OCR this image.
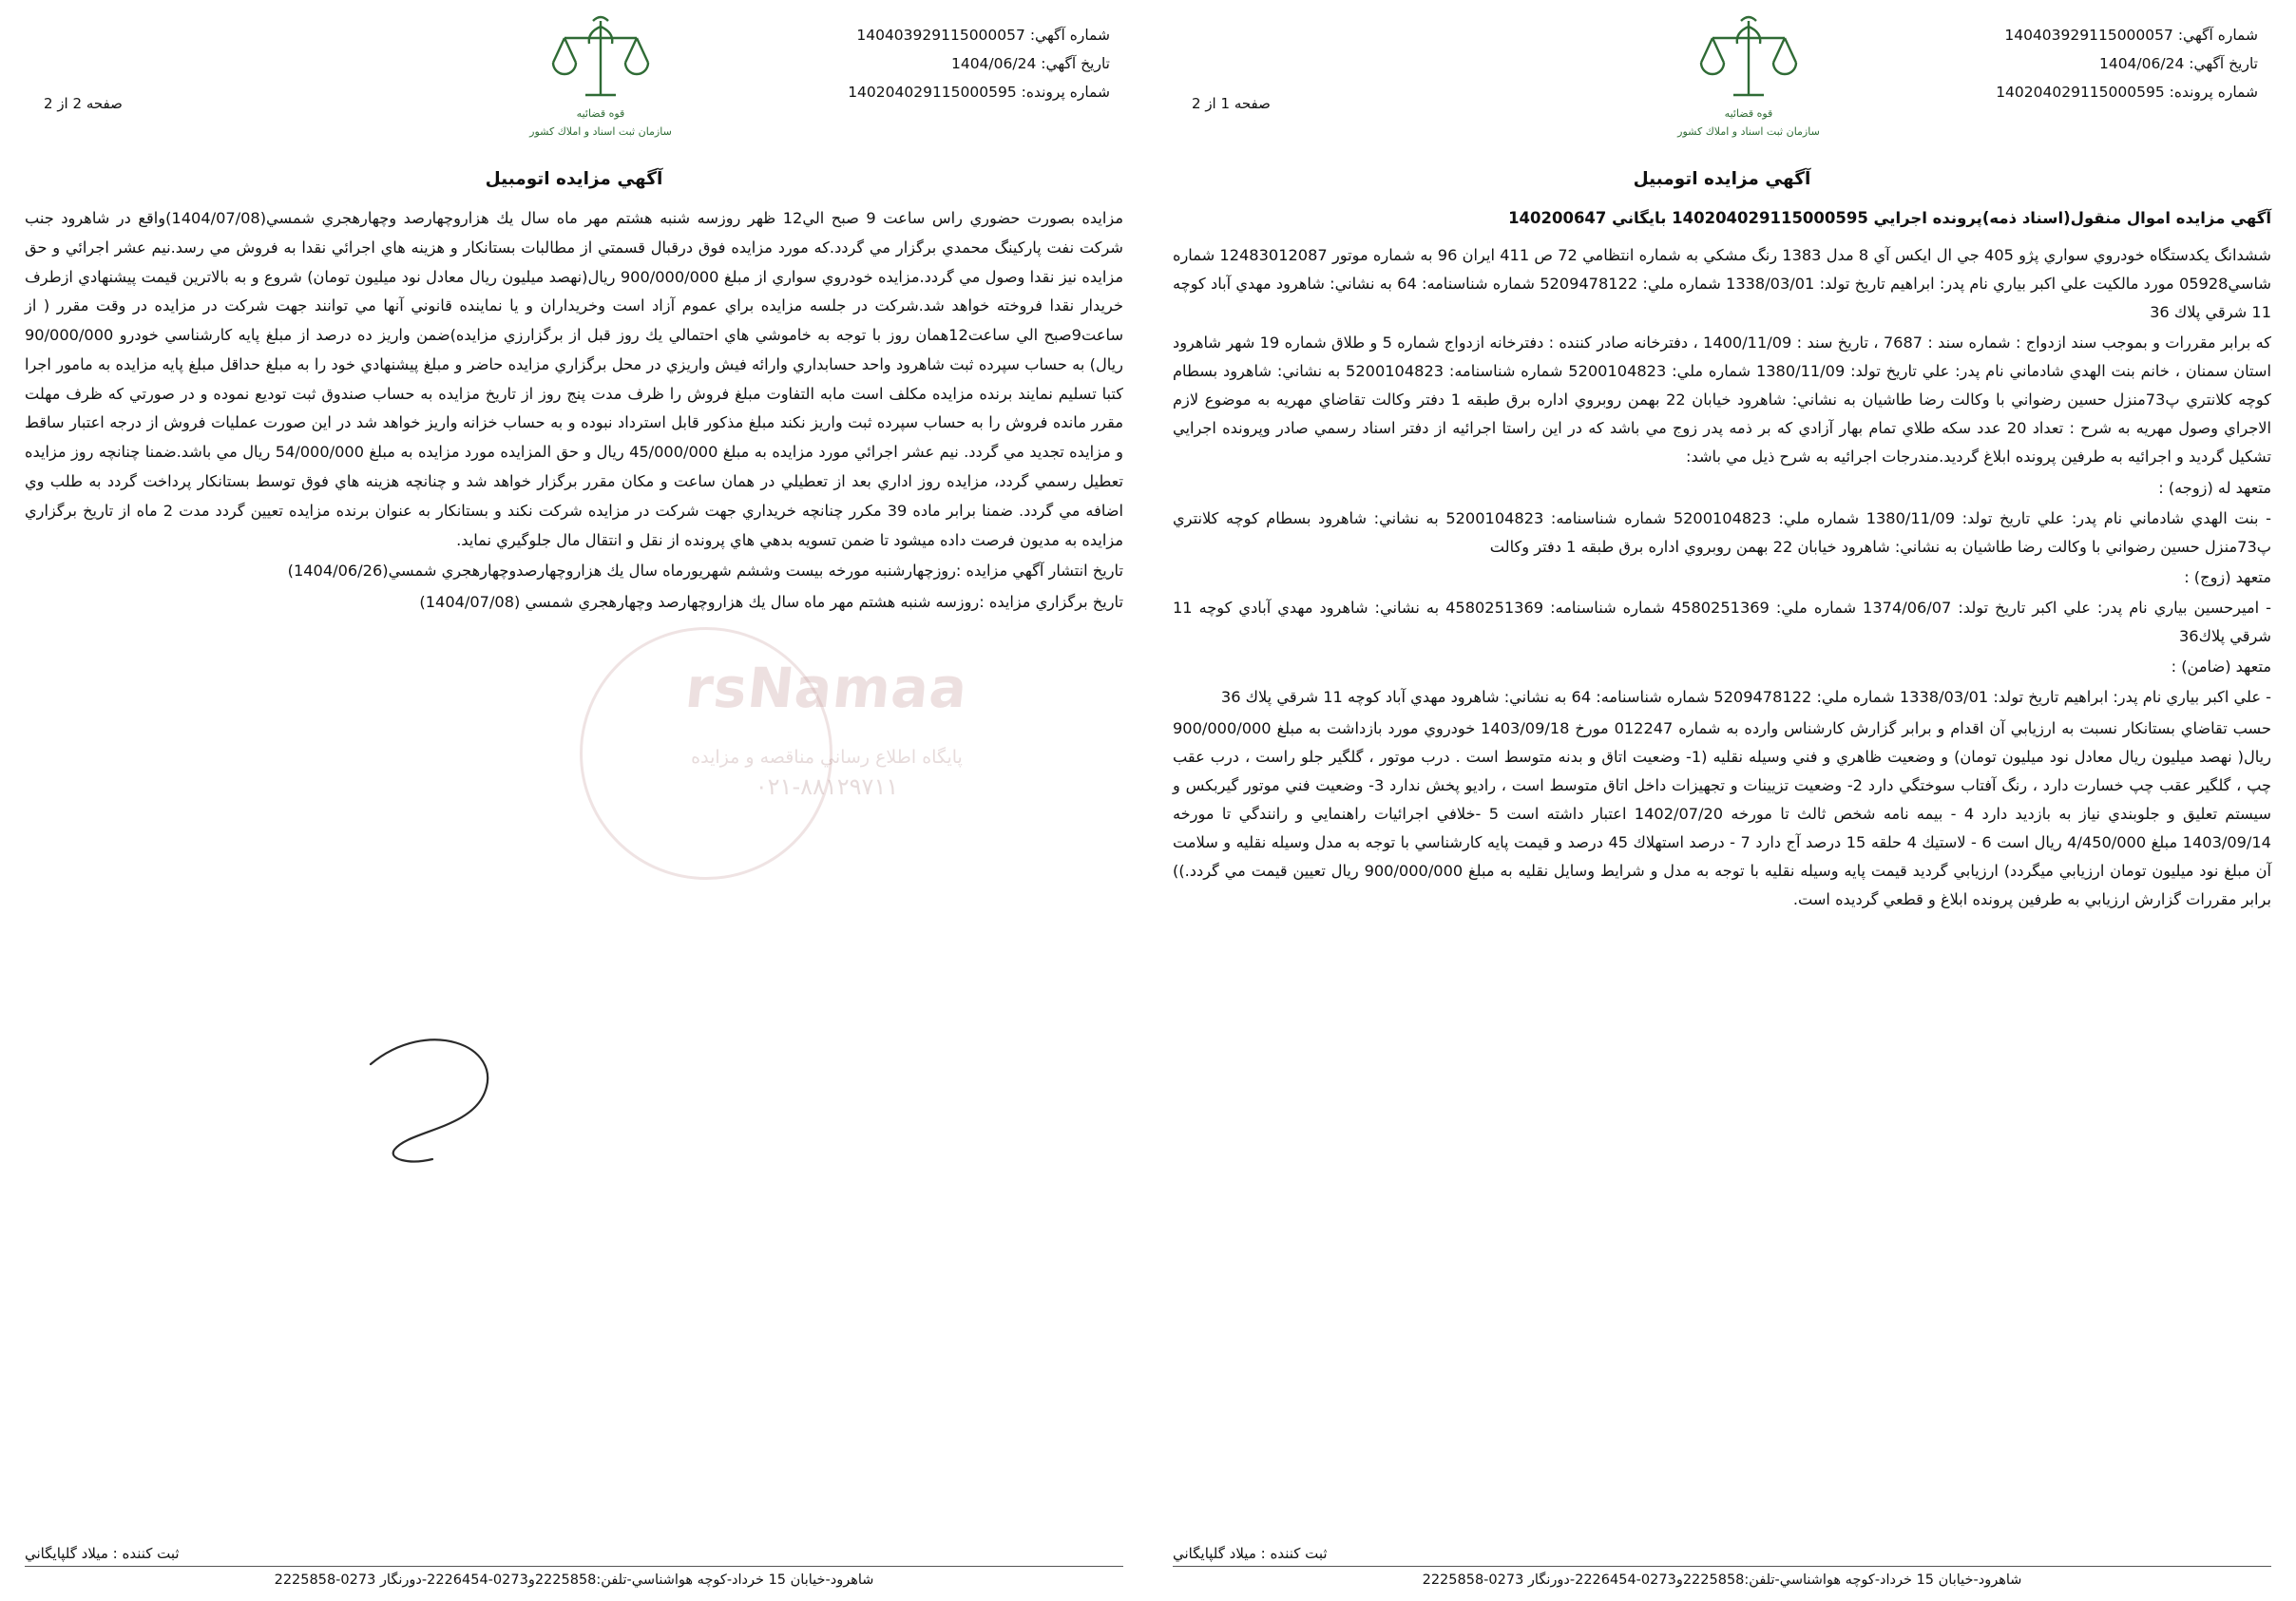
شماره آگهي: 140403929115000057
تاريخ آگهي: 1404/06/24
شماره پرونده: 140204029115000595
قوه قضائيه
سازمان ثبت اسناد و املاك كشور
صفحه 1 از 2
آگهي مزايده اتومبيل
آگهي مزايده اموال منقول(اسناد ذمه)پرونده اجرايي 140204029115000595 بايگاني 140200647

ششدانگ يكدستگاه خودروي سواري پژو 405 جي ال ايكس آي 8 مدل 1383 رنگ مشكي به شماره انتظامي 72 ص 411 ايران 96 به شماره موتور 12483012087 شماره شاسي05928 مورد مالكيت علي اكبر بياري نام پدر: ابراهيم تاريخ تولد: 1338/03/01 شماره ملي: 5209478122 شماره شناسنامه: 64 به نشاني: شاهرود مهدي آباد كوچه 11 شرقي پلاك 36

كه برابر مقررات و بموجب سند ازدواج : شماره سند : 7687 ، تاريخ سند : 1400/11/09 ، دفترخانه صادر كننده : دفترخانه ازدواج شماره 5 و طلاق شماره 19 شهر شاهرود استان سمنان ، خانم بنت الهدي شادماني نام پدر: علي تاريخ تولد: 1380/11/09 شماره ملي: 5200104823 شماره شناسنامه: 5200104823 به نشاني: شاهرود بسطام كوچه كلانتري پ73منزل حسين رضواني با وكالت رضا طاشيان به نشاني: شاهرود خيابان 22 بهمن روبروي اداره برق طبقه 1 دفتر وكالت تقاضاي مهريه به موضوع لازم الاجراي وصول مهريه به شرح : تعداد 20 عدد سكه طلاي تمام بهار آزادي كه بر ذمه پدر زوج مي باشد كه در اين راستا اجرائيه از دفتر اسناد رسمي صادر وپرونده اجرايي تشكيل گرديد و اجرائيه به طرفين پرونده ابلاغ گرديد.مندرجات اجرائيه به شرح ذيل مي باشد:

متعهد له (زوجه) :

- بنت الهدي شادماني نام پدر: علي تاريخ تولد: 1380/11/09 شماره ملي: 5200104823 شماره شناسنامه: 5200104823 به نشاني: شاهرود بسطام كوچه كلانتري پ73منزل حسين رضواني با وكالت رضا طاشيان به نشاني: شاهرود خيابان 22 بهمن روبروي اداره برق طبقه 1 دفتر وكالت

متعهد (زوج) :

- اميرحسين بياري نام پدر: علي اكبر تاريخ تولد: 1374/06/07 شماره ملي: 4580251369 شماره شناسنامه: 4580251369 به نشاني: شاهرود مهدي آبادي كوچه 11 شرقي پلاك36

متعهد (ضامن) :

- علي اكبر بياري نام پدر: ابراهيم تاريخ تولد: 1338/03/01 شماره ملي: 5209478122 شماره شناسنامه: 64 به نشاني: شاهرود مهدي آباد كوچه 11 شرقي پلاك 36

حسب تقاضاي بستانكار نسبت به ارزيابي آن اقدام و برابر گزارش كارشناس وارده به شماره 012247 مورخ 1403/09/18 خودروي مورد بازداشت به مبلغ 900/000/000 ريال( نهصد ميليون ريال معادل نود ميليون تومان) و وضعيت ظاهري و فني وسيله نقليه (1- وضعيت اتاق و بدنه متوسط است . درب موتور ، گلگير جلو راست ، درب عقب چپ ، گلگير عقب چپ خسارت دارد ، رنگ آفتاب سوختگي دارد 2- وضعيت تزيينات و تجهيزات داخل اتاق متوسط است ، راديو پخش ندارد 3- وضعيت فني موتور گيربكس و سيستم تعليق و جلوبندي نياز به بازديد دارد 4 - بيمه نامه شخص ثالث تا مورخه 1402/07/20 اعتبار داشته است 5 -خلافي اجرائيات راهنمايي و رانندگي تا مورخه 1403/09/14 مبلغ 4/450/000 ريال است 6 - لاستيك 4 حلقه 15 درصد آج دارد 7 - درصد استهلاك 45 درصد و قيمت پايه كارشناسي با توجه به مدل وسيله نقليه و سلامت آن مبلغ نود ميليون تومان ارزيابي ميگردد) ارزيابي گرديد قيمت پايه وسيله نقليه با توجه به مدل و شرايط وسايل نقليه به مبلغ 900/000/000 ريال تعيين قيمت مي گردد.)) برابر مقررات گزارش ارزيابي به طرفين پرونده ابلاغ و قطعي گرديده است.

ثبت كننده : ميلاد گلپايگاني
شاهرود-خيابان 15 خرداد-كوچه هواشناسي-تلفن:2225858و0273-2226454-دورنگار 0273-2225858
شماره آگهي: 140403929115000057
تاريخ آگهي: 1404/06/24
شماره پرونده: 140204029115000595
قوه قضائيه
سازمان ثبت اسناد و املاك كشور
صفحه 2 از 2
آگهي مزايده اتومبيل

مزايده بصورت حضوري راس ساعت 9 صبح الي12 ظهر روزسه شنبه هشتم مهر ماه سال يك هزاروچهارصد وچهارهجري شمسي(1404/07/08)واقع در شاهرود جنب شركت نفت پاركينگ محمدي برگزار مي گردد.كه مورد مزايده فوق درقبال قسمتي از مطالبات بستانكار و هزينه هاي اجرائي نقدا به فروش مي رسد.نيم عشر اجرائي و حق مزايده نيز نقدا وصول مي گردد.مزايده خودروي سواري از مبلغ 900/000/000 ريال(نهصد ميليون ريال معادل نود ميليون تومان) شروع و به بالاترين قيمت پيشنهادي ازطرف خريدار نقدا فروخته خواهد شد.شركت در جلسه مزايده براي عموم آزاد است وخريداران و يا نماينده قانوني آنها مي توانند جهت شركت در مزايده در وقت مقرر ( از ساعت9صبح الي ساعت12همان روز با توجه به خاموشي هاي احتمالي يك روز قبل از برگزارزي مزايده)ضمن واريز ده درصد از مبلغ پايه كارشناسي خودرو 90/000/000 ريال) به حساب سپرده ثبت شاهرود واحد حسابداري وارائه فيش واريزي در محل برگزاري مزايده حاضر و مبلغ پيشنهادي خود را به مبلغ حداقل مبلغ پايه مزايده به مامور اجرا كتبا تسليم نمايند برنده مزايده مكلف است مابه التفاوت مبلغ فروش را ظرف مدت پنج روز از تاريخ مزايده به حساب صندوق ثبت توديع نموده و در صورتي كه ظرف مهلت مقرر مانده فروش را به حساب سپرده ثبت واريز نكند مبلغ مذكور قابل استرداد نبوده و به حساب خزانه واريز خواهد شد در اين صورت عمليات فروش از درجه اعتبار ساقط و مزايده تجديد مي گردد. نيم عشر اجرائي مورد مزايده به مبلغ 45/000/000 ريال و حق المزايده مورد مزايده به مبلغ 54/000/000 ريال مي باشد.ضمنا چنانچه روز مزايده تعطيل رسمي گردد، مزايده روز اداري بعد از تعطيلي در همان ساعت و مكان مقرر برگزار خواهد شد و چنانچه هزينه هاي فوق توسط بستانكار پرداخت گردد به طلب وي اضافه مي گردد. ضمنا برابر ماده 39 مكرر چنانچه خريداري جهت شركت در مزايده شركت نكند و بستانكار به عنوان برنده مزايده تعيين گردد مدت 2 ماه از تاريخ برگزاري مزايده به مديون فرصت داده ميشود تا ضمن تسويه بدهي هاي پرونده از نقل و انتقال مال جلوگيري نمايد.

تاريخ انتشار آگهي مزايده :روزچهارشنبه مورخه بيست وششم شهريورماه سال يك هزاروچهارصدوچهارهجري شمسي(1404/06/26)

تاريخ برگزاري مزايده :روزسه شنبه هشتم مهر ماه سال يك هزاروچهارصد وچهارهجري شمسي (1404/07/08)

ثبت كننده : ميلاد گلپايگاني
شاهرود-خيابان 15 خرداد-كوچه هواشناسي-تلفن:2225858و0273-2226454-دورنگار 0273-2225858
rsNamaa
پايگاه اطلاع رساني مناقصه و مزايده
۰۲۱-۸۸۱۲۹۷۱۱
